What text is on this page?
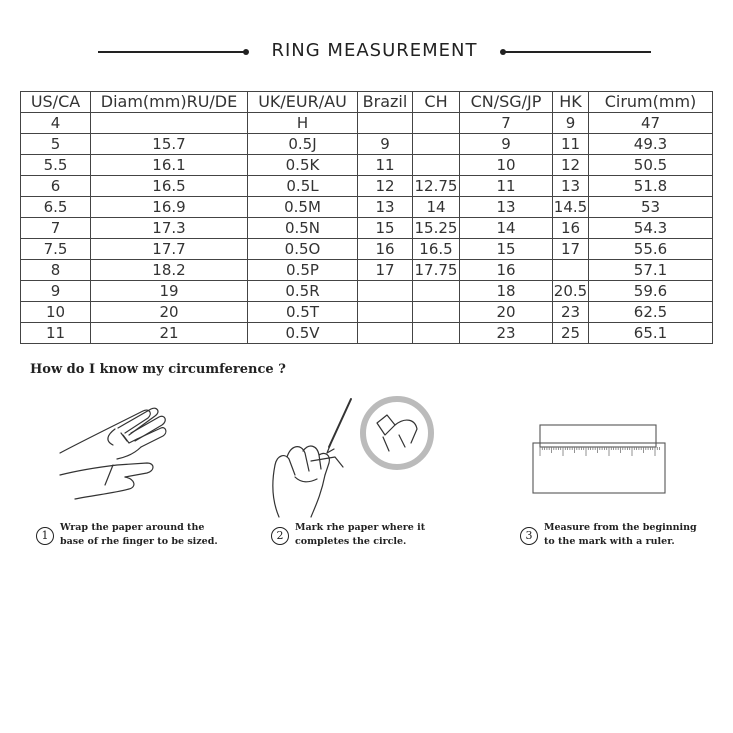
RING MEASUREMENT
US/CA	Diam(mm)RU/DE	UK/EUR/AU	Brazil	CH	CN/SG/JP	HK	Cirum(mm)
4		H			7	9	47
5	15.7	0.5J	9		9	11	49.3
5.5	16.1	0.5K	11		10	12	50.5
6	16.5	0.5L	12	12.75	11	13	51.8
6.5	16.9	0.5M	13	14	13	14.5	53
7	17.3	0.5N	15	15.25	14	16	54.3
7.5	17.7	0.5O	16	16.5	15	17	55.6
8	18.2	0.5P	17	17.75	16		57.1
9	19	0.5R			18	20.5	59.6
10	20	0.5T			20	23	62.5
11	21	0.5V			23	25	65.1
How do I know my circumference ?
1
Wrap the paper around the
base of rhe finger to be sized.	2
Mark rhe paper where it
completes the circle.	3
Measure from the beginning
to the mark with a ruler.
